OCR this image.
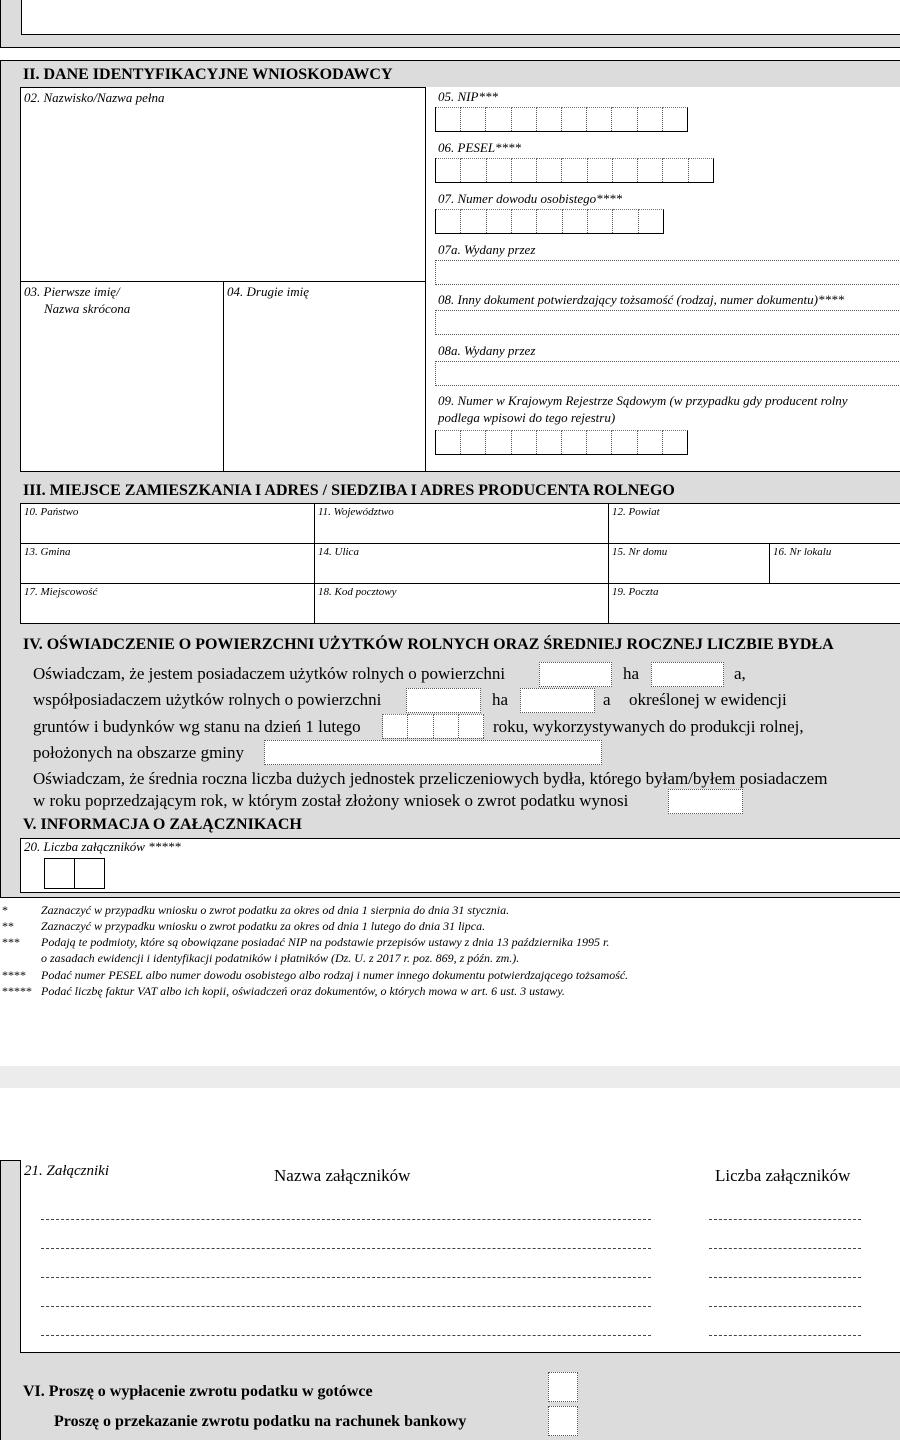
II. DANE IDENTYFIKACYJNE WNIOSKODAWCY
02. Nazwisko/Nazwa pełna
03. Pierwsze imię/
Nazwa skrócona
04. Drugie imię
05. NIP***
06. PESEL****
07. Numer dowodu osobistego****
07a. Wydany przez
08. Inny dokument potwierdzający tożsamość (rodzaj, numer dokumentu)****
08a. Wydany przez
09. Numer w Krajowym Rejestrze Sądowym (w przypadku gdy producent rolny
podlega wpisowi do tego rejestru)
III. MIEJSCE ZAMIESZKANIA I ADRES / SIEDZIBA I ADRES PRODUCENTA ROLNEGO
10. Państwo	11. Województwo	12. Powiat
13. Gmina	14. Ulica	15. Nr domu	16. Nr lokalu
17. Miejscowość	18. Kod pocztowy	19. Poczta
IV. OŚWIADCZENIE O POWIERZCHNI UŻYTKÓW ROLNYCH ORAZ ŚREDNIEJ ROCZNEJ LICZBIE BYDŁA
Oświadczam, że jestem posiadaczem użytków rolnych o powierzchni	ha	a,
współposiadaczem użytków rolnych o powierzchni	ha	a określonej w ewidencji
gruntów i budynków wg stanu na dzień 1 lutego	roku, wykorzystywanych do produkcji rolnej,
położonych na obszarze gminy
Oświadczam, że średnia roczna liczba dużych jednostek przeliczeniowych bydła, którego byłam/byłem posiadaczem
w roku poprzedzającym rok, w którym został złożony wniosek o zwrot podatku wynosi
V. INFORMACJA O ZAŁĄCZNIKACH
20. Liczba załączników *****
*	Zaznaczyć w przypadku wniosku o zwrot podatku za okres od dnia 1 sierpnia do dnia 31 stycznia.
** Zaznaczyć w przypadku wniosku o zwrot podatku za okres od dnia 1 lutego do dnia 31 lipca.
*** Podają te podmioty, które są obowiązane posiadać NIP na podstawie przepisów ustawy z dnia 13 października 1995 r.
o zasadach ewidencji i identyfikacji podatników i płatników (Dz. U. z 2017 r. poz. 869, z późn. zm.).
**** Podać numer PESEL albo numer dowodu osobistego albo rodzaj i numer innego dokumentu potwierdzającego tożsamość.
***** Podać liczbę faktur VAT albo ich kopii, oświadczeń oraz dokumentów, o których mowa w art. 6 ust. 3 ustawy.
21. Załączniki	Nazwa załączników	Liczba załączników
VI. Proszę o wypłacenie zwrotu podatku w gotówce
Proszę o przekazanie zwrotu podatku na rachunek bankowy
